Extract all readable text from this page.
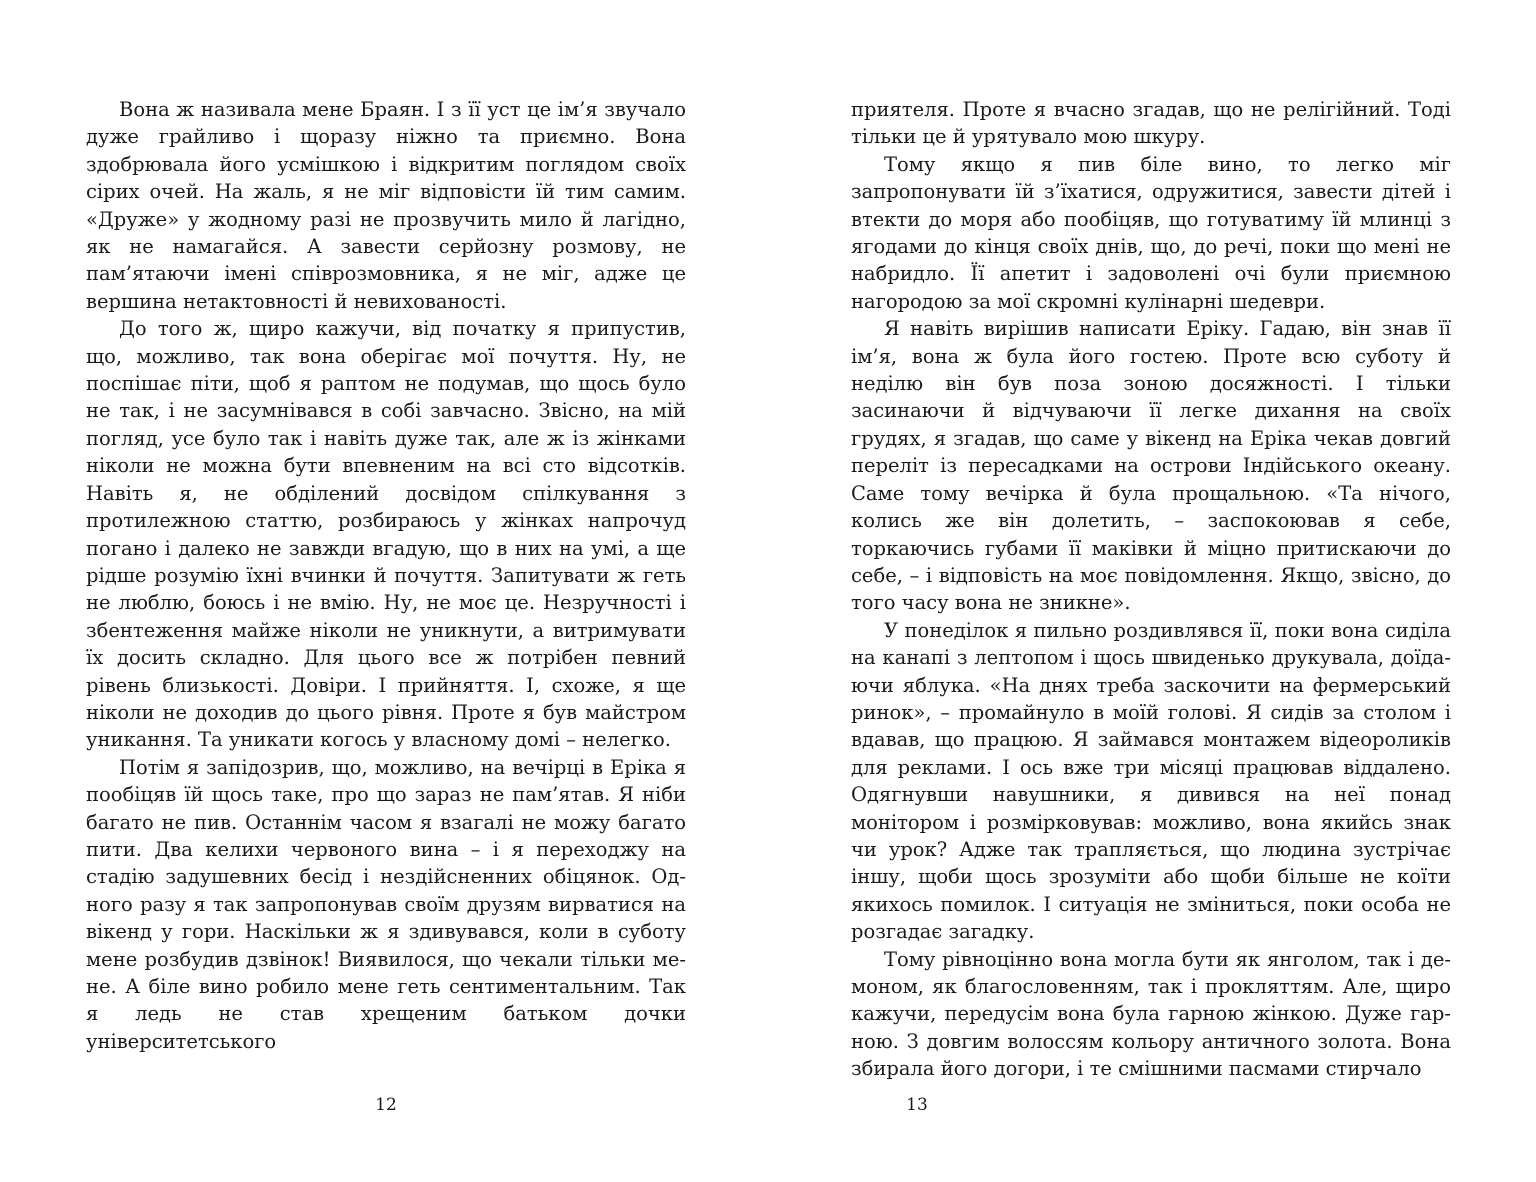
Вона ж називала мене Браян. І з її уст це ім’я звучало дуже грайливо і щоразу ніжно та приємно. Вона здобрювала його усмішкою і відкритим поглядом своїх сірих очей. На жаль, я не міг відповісти їй тим самим. «Друже» у жодному разі не прозвучить мило й лагідно, як не намагайся. А завести серйозну розмову, не пам’ятаючи імені співрозмовника, я не міг, адже це вершина нетактовності й невихованості.

До того ж, щиро кажучи, від початку я припустив, що, можливо, так вона оберігає мої почуття. Ну, не поспішає піти, щоб я раптом не подумав, що щось було не так, і не засумнівався в собі завчасно. Звісно, на мій погляд, усе було так і навіть дуже так, але ж із жінками ніколи не можна бути впевненим на всі сто відсотків. Навіть я, не обділений досвідом спілкування з протилежною статтю, розбираюсь у жінках напрочуд погано і далеко не завжди вгадую, що в них на умі, а ще рідше розумію їхні вчинки й почуття. Запитувати ж геть не люблю, боюсь і не вмію. Ну, не моє це. Незручності і збентеження майже ніколи не уникнути, а витримувати їх досить складно. Для цього все ж потрібен певний рівень близькості. Довіри. І прийняття. І, схоже, я ще ніколи не доходив до цього рівня. Проте я був майстром уникання. Та уникати когось у власному домі – нелегко.

Потім я запідозрив, що, можливо, на вечірці в Еріка я пообіцяв їй щось таке, про що зараз не пам’ятав. Я ніби багато не пив. Останнім часом я взагалі не можу багато пити. Два келихи червоного вина – і я переходжу на стадію задушевних бесід і нездійсненних обіцянок. Одного разу я так запропонував своїм друзям вирватися на вікенд у гори. Наскільки ж я здивувався, коли в суботу мене розбудив дзвінок! Виявилося, що чекали тільки мене. А біле вино робило мене геть сентиментальним. Так я ледь не став хрещеним батьком дочки університетського

12

приятеля. Проте я вчасно згадав, що не релігійний. Тоді тільки це й урятувало мою шкуру.

Тому якщо я пив біле вино, то легко міг запропонувати їй з’їхатися, одружитися, завести дітей і втекти до моря або пообіцяв, що готуватиму їй млинці з ягодами до кінця своїх днів, що, до речі, поки що мені не набридло. Її апетит і задоволені очі були приємною нагородою за мої скромні кулінарні шедеври.

Я навіть вирішив написати Еріку. Гадаю, він знав її ім’я, вона ж була його гостею. Проте всю суботу й неділю він був поза зоною досяжності. І тільки засинаючи й відчуваючи її легке дихання на своїх грудях, я згадав, що саме у вікенд на Еріка чекав довгий переліт із пересадками на острови Індійського океану. Саме тому вечірка й була прощальною. «Та нічого, колись же він долетить, – заспокоював я себе, торкаючись губами її маківки й міцно притискаючи до себе, – і відповість на моє повідомлення. Якщо, звісно, до того часу вона не зникне».

У понеділок я пильно роздивлявся її, поки вона сиділа на канапі з лептопом і щось швиденько друкувала, доїдаючи яблука. «На днях треба заскочити на фермерський ринок», – промайнуло в моїй голові. Я сидів за столом і вдавав, що працюю. Я займався монтажем відеороликів для реклами. І ось вже три місяці працював віддалено. Одягнувши навушники, я дивився на неї понад монітором і розмірковував: можливо, вона якийсь знак чи урок? Адже так трапляється, що людина зустрічає іншу, щоби щось зрозуміти або щоби більше не коїти якихось помилок. І ситуація не зміниться, поки особа не розгадає загадку.

Тому рівноцінно вона могла бути як янголом, так і демоном, як благословенням, так і прокляттям. Але, щиро кажучи, передусім вона була гарною жінкою. Дуже гарною. З довгим волоссям кольору античного золота. Вона збирала його догори, і те смішними пасмами стирчало

13
